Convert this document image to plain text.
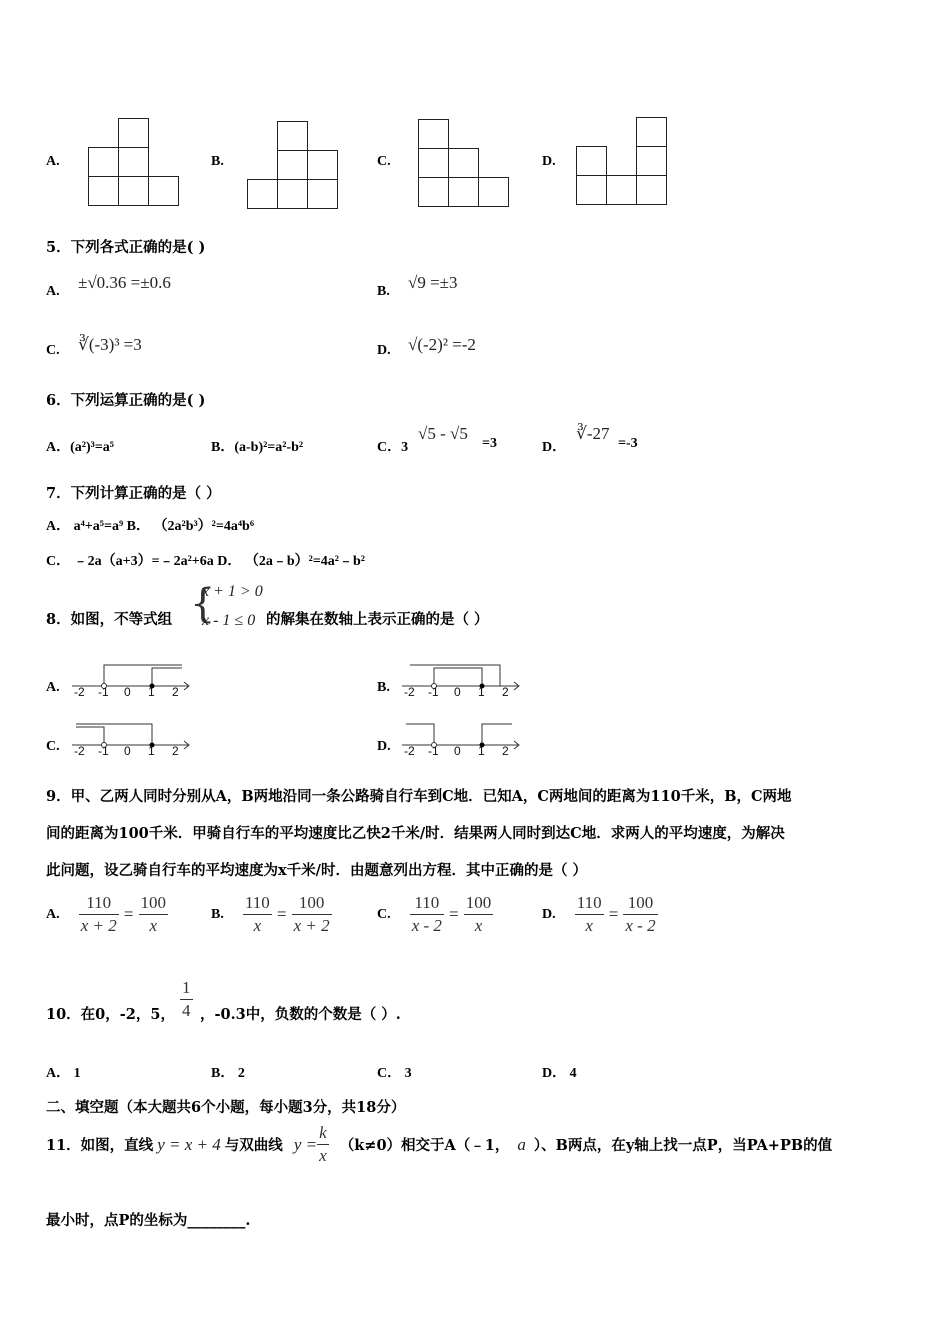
A.	B.	C.	D.
5．下列各式正确的是( )
A. ±√0.36 =±0.6	B. √9 =±3
C. ∛(-3)³ =3	D. √(-2)² =-2
6．下列运算正确的是( )
A．(a²)³=a⁵	B．(a-b)²=a²-b²	C．3
√5 - √5
=3	D．
∛-27
=-3
7．下列计算正确的是（ ）
A． a⁴+a⁵=a⁹ B． （2a²b³）²=4a⁴b⁶
C． ﹣2a（a+3）=﹣2a²+6a D． （2a﹣b）²=4a²﹣b²
8．如图，不等式组 {
x + 1 > 0
x - 1 ≤ 0 的解集在数轴上表示正确的是（ ）
A. -2 -1 0 1 2	B. -2 -1 0 1 2
C. -2 -1 0 1 2	D. -2 -1 0 1 2
9．甲、乙两人同时分别从A，B两地沿同一条公路骑自行车到C地．已知A，C两地间的距离为110千米，B，C两地
间的距离为100千米．甲骑自行车的平均速度比乙快2千米/时．结果两人同时到达C地．求两人的平均速度，为解决
此问题，设乙骑自行车的平均速度为x千米/时．由题意列出方程．其中正确的是（ ）
A. $\frac{110}{x + 2} = \frac{100}{x}$	B. $\frac{110}{x} = \frac{100}{x + 2}$	C. $\frac{110}{x - 2} = \frac{100}{x}$	D. $\frac{110}{x} = \frac{100}{x - 2}$
10．在0，-2，5， $\frac{1}{4}$ ，-0.3中，负数的个数是（ ）.
A． 1	B． 2	C． 3	D． 4
二、填空题（本大题共6个小题，每小题3分，共18分）
11．如图，直线 y = x + 4 与双曲线 $y = \frac{k}{x} (k\ne 0)$相交于A（﹣1， a ）、B两点，在y轴上找一点P，当PA+PB的值
最小时，点P的坐标为________.
